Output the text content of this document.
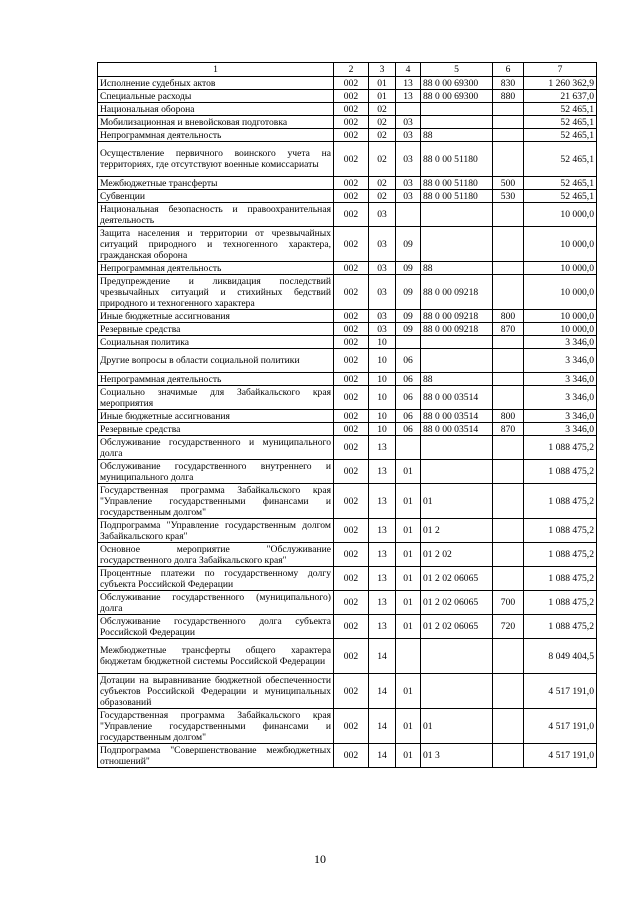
1	2	3	4	5	6	7
Исполнение судебных актов	002	01	13	88 0 00 69300	830	1 260 362,9
Специальные расходы	002	01	13	88 0 00 69300	880	21 637,0
Национальная оборона	002	02				52 465,1
Мобилизационная и вневойсковая подготовка	002	02	03			52 465,1
Непрограммная деятельность	002	02	03	88		52 465,1
Осуществление первичного воинского учета на территориях, где отсутствуют военные комиссариаты	002	02	03	88 0 00 51180		52 465,1
Межбюджетные трансферты	002	02	03	88 0 00 51180	500	52 465,1
Субвенции	002	02	03	88 0 00 51180	530	52 465,1
Национальная безопасность и правоохранительная деятельность	002	03				10 000,0
Защита населения и территории от чрезвычайных ситуаций природного и техногенного характера, гражданская оборона	002	03	09			10 000,0
Непрограммная деятельность	002	03	09	88		10 000,0
Предупреждение и ликвидация последствий чрезвычайных ситуаций и стихийных бедствий природного и техногенного характера	002	03	09	88 0 00 09218		10 000,0
Иные бюджетные ассигнования	002	03	09	88 0 00 09218	800	10 000,0
Резервные средства	002	03	09	88 0 00 09218	870	10 000,0
Социальная политика	002	10				3 346,0
Другие вопросы в области социальной политики	002	10	06			3 346,0
Непрограммная деятельность	002	10	06	88		3 346,0
Социально значимые для Забайкальского края мероприятия	002	10	06	88 0 00 03514		3 346,0
Иные бюджетные ассигнования	002	10	06	88 0 00 03514	800	3 346,0
Резервные средства	002	10	06	88 0 00 03514	870	3 346,0
Обслуживание государственного и муниципального долга	002	13				1 088 475,2
Обслуживание государственного внутреннего и муниципального долга	002	13	01			1 088 475,2
Государственная программа Забайкальского края "Управление государственными финансами и государственным долгом"	002	13	01	01		1 088 475,2
Подпрограмма "Управление государственным долгом Забайкальского края"	002	13	01	01 2		1 088 475,2
Основное мероприятие "Обслуживание государственного долга Забайкальского края"	002	13	01	01 2 02		1 088 475,2
Процентные платежи по государственному долгу субъекта Российской Федерации	002	13	01	01 2 02 06065		1 088 475,2
Обслуживание государственного (муниципального) долга	002	13	01	01 2 02 06065	700	1 088 475,2
Обслуживание государственного долга субъекта Российской Федерации	002	13	01	01 2 02 06065	720	1 088 475,2
Межбюджетные трансферты общего характера бюджетам бюджетной системы Российской Федерации	002	14				8 049 404,5
Дотации на выравнивание бюджетной обеспеченности субъектов Российской Федерации и муниципальных образований	002	14	01			4 517 191,0
Государственная программа Забайкальского края "Управление государственными финансами и государственным долгом"	002	14	01	01		4 517 191,0
Подпрограмма "Совершенствование межбюджетных отношений"	002	14	01	01 3		4 517 191,0
10
